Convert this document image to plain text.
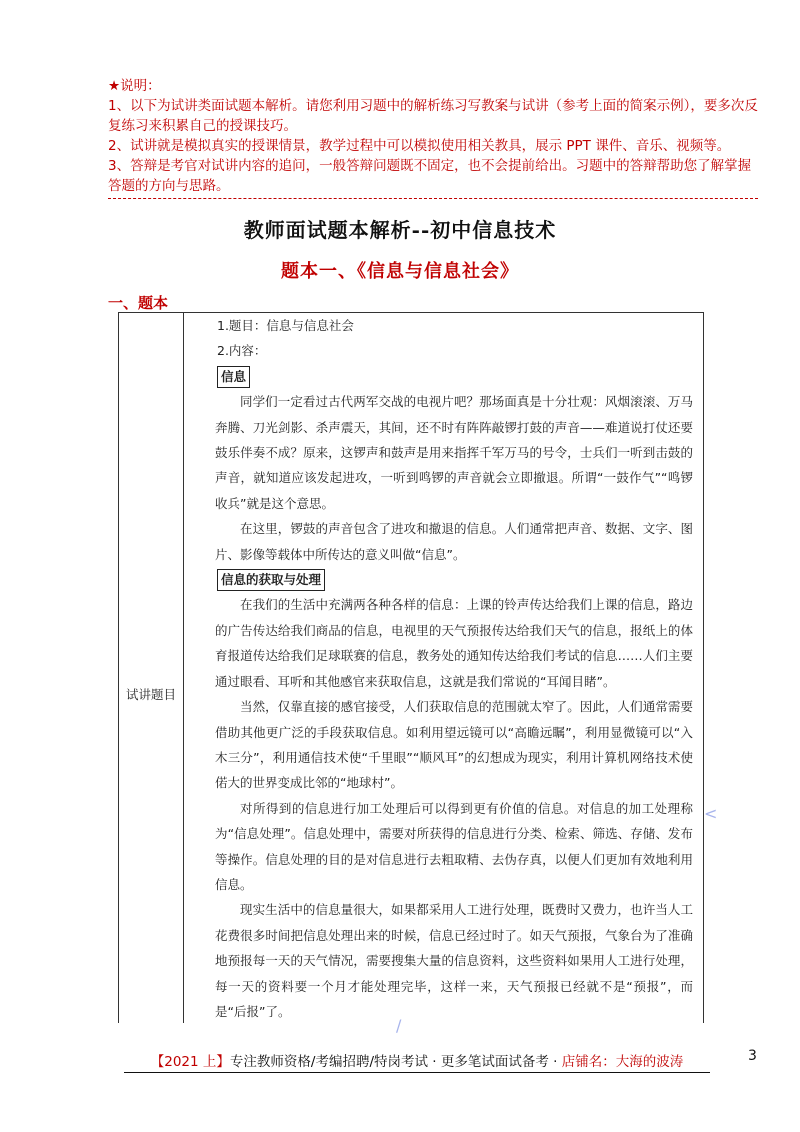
★说明：

1、以下为试讲类面试题本解析。请您利用习题中的解析练习写教案与试讲（参考上面的简案示例），要多次反复练习来积累自己的授课技巧。

2、试讲就是模拟真实的授课情景，教学过程中可以模拟使用相关教具，展示 PPT 课件、音乐、视频等。

3、答辩是考官对试讲内容的追问，一般答辩问题既不固定，也不会提前给出。习题中的答辩帮助您了解掌握答题的方向与思路。

教师面试题本解析--初中信息技术
题本一、《信息与信息社会》
一、题本
试讲题目

1.题目：信息与信息社会

2.内容：

信息

同学们一定看过古代两军交战的电视片吧？那场面真是十分壮观：风烟滚滚、万马奔腾、刀光剑影、杀声震天，其间，还不时有阵阵敲锣打鼓的声音——难道说打仗还要鼓乐伴奏不成？原来，这锣声和鼓声是用来指挥千军万马的号令，士兵们一听到击鼓的声音，就知道应该发起进攻，一听到鸣锣的声音就会立即撤退。所谓“一鼓作气”“鸣锣收兵”就是这个意思。

在这里，锣鼓的声音包含了进攻和撤退的信息。人们通常把声音、数据、文字、图片、影像等载体中所传达的意义叫做“信息”。

信息的获取与处理

在我们的生活中充满两各种各样的信息：上课的铃声传达给我们上课的信息，路边的广告传达给我们商品的信息，电视里的天气预报传达给我们天气的信息，报纸上的体育报道传达给我们足球联赛的信息，教务处的通知传达给我们考试的信息……人们主要通过眼看、耳听和其他感官来获取信息，这就是我们常说的“耳闻目睹”。

当然，仅靠直接的感官接受，人们获取信息的范围就太窄了。因此，人们通常需要借助其他更广泛的手段获取信息。如利用望远镜可以“高瞻远瞩”，利用显微镜可以“入木三分”，利用通信技术使“千里眼”“顺风耳”的幻想成为现实，利用计算机网络技术使偌大的世界变成比邻的“地球村”。

对所得到的信息进行加工处理后可以得到更有价值的信息。对信息的加工处理称为“信息处理”。信息处理中，需要对所获得的信息进行分类、检索、筛选、存储、发布等操作。信息处理的目的是对信息进行去粗取精、去伪存真，以便人们更加有效地利用信息。

现实生活中的信息量很大，如果都采用人工进行处理，既费时又费力，也许当人工花费很多时间把信息处理出来的时候，信息已经过时了。如天气预报，气象台为了准确地预报每一天的天气情况，需要搜集大量的信息资料，这些资料如果用人工进行处理，每一天的资料要一个月才能处理完毕，这样一来，天气预报已经就不是“预报”，而是“后报”了。

<
/
【2021 上】专注教师资格/考编招聘/特岗考试 · 更多笔试面试备考 · 店铺名：大海的波涛	3
